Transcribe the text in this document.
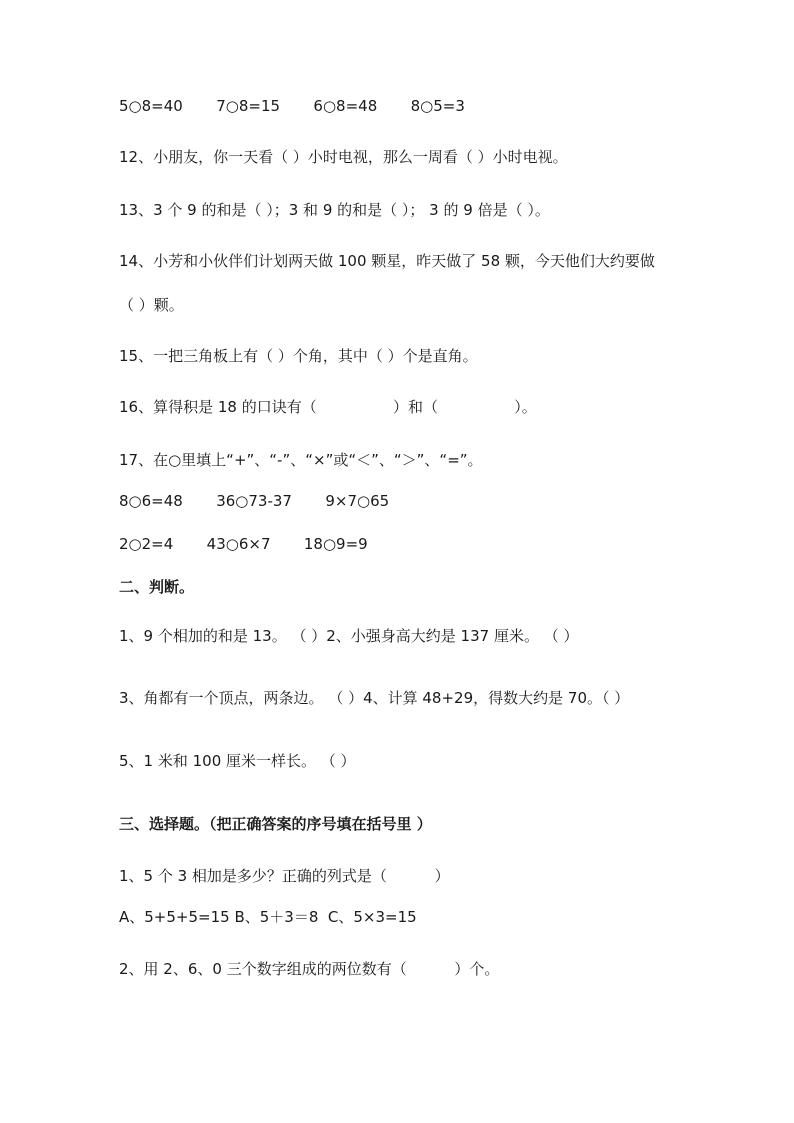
5○8=40       7○8=15       6○8=48       8○5=3
12、小朋友，你一天看（ ）小时电视，那么一周看（ ）小时电视。
13、3 个 9 的和是（ ）；3 和 9 的和是（ ）； 3 的 9 倍是（ ）。
14、小芳和小伙伴们计划两天做 100 颗星，昨天做了 58 颗，今天他们大约要做
（ ）颗。
15、一把三角板上有（ ）个角，其中（ ）个是直角。
16、算得积是 18 的口诀有（                ）和（                ）。
17、在○里填上“+”、“-”、“×”或“＜”、“＞”、“=”。
8○6=48       36○73-37       9×7○65
2○2=4       43○6×7       18○9=9
二、判断。
1、9 个相加的和是 13。 （ ）2、小强身高大约是 137 厘米。 （ ）
3、角都有一个顶点，两条边。 （ ）4、计算 48+29，得数大约是 70。（ ）
5、1 米和 100 厘米一样长。 （ ）
三、选择题。（把正确答案的序号填在括号里 ）
1、5 个 3 相加是多少？正确的列式是（          ）
A、5+5+5=15 B、5＋3＝8  C、5×3=15
2、用 2、6、0 三个数字组成的两位数有（          ）个。
